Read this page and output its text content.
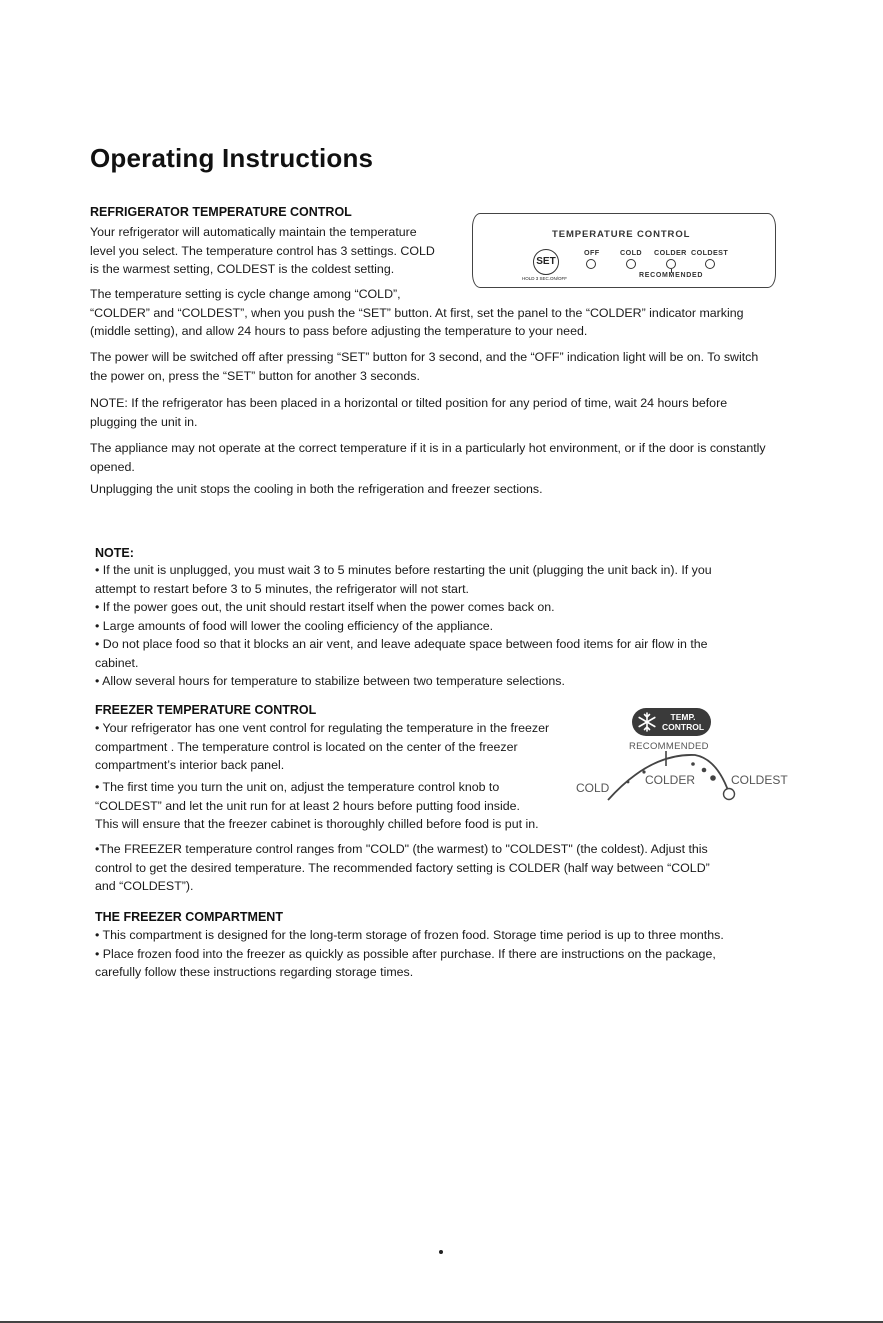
Operating Instructions
REFRIGERATOR TEMPERATURE CONTROL
Your refrigerator will automatically maintain the temperature
level you select. The temperature control has 3 settings. COLD
is the warmest setting, COLDEST is the coldest setting.
TEMPERATURE CONTROL
SET
HOLD 3 SEC.ON/OFF
OFF	COLD COLDER COLDEST
RECOMMENDED
The temperature setting is cycle change among “COLD”,
“COLDER” and “COLDEST”, when you push the “SET” button. At first, set the panel to the “COLDER” indicator marking
(middle setting), and allow 24 hours to pass before adjusting the temperature to your need.
The power will be switched off after pressing “SET” button for 3 second, and the “OFF” indication light will be on. To switch
the power on, press the “SET” button for another 3 seconds.
NOTE: If the refrigerator has been placed in a horizontal or tilted position for any period of time, wait 24 hours before
plugging the unit in.
The appliance may not operate at the correct temperature if it is in a particularly hot environment, or if the door is constantly
opened.
Unplugging the unit stops the cooling in both the refrigeration and freezer sections.
NOTE:
• If the unit is unplugged, you must wait 3 to 5 minutes before restarting the unit (plugging the unit back in). If you
attempt to restart before 3 to 5 minutes, the refrigerator will not start.
• If the power goes out, the unit should restart itself when the power comes back on.
• Large amounts of food will lower the cooling efficiency of the appliance.
• Do not place food so that it blocks an air vent, and leave adequate space between food items for air flow in the
cabinet.
• Allow several hours for temperature to stabilize between two temperature selections.
FREEZER TEMPERATURE CONTROL
• Your refrigerator has one vent control for regulating the temperature in the freezer
compartment . The temperature control is located on the center of the freezer
compartment’s interior back panel.
• The first time you turn the unit on, adjust the temperature control knob to
“COLDEST” and let the unit run for at least 2 hours before putting food inside.
This will ensure that the freezer cabinet is thoroughly chilled before food is put in.
TEMP.
CONTROL
RECOMMENDED
COLD
COLDER	COLDEST
•The FREEZER temperature control ranges from "COLD" (the warmest) to "COLDEST" (the coldest). Adjust this
control to get the desired temperature. The recommended factory setting is COLDER (half way between “COLD”
and “COLDEST”).
THE FREEZER COMPARTMENT
• This compartment is designed for the long-term storage of frozen food. Storage time period is up to three months.
• Place frozen food into the freezer as quickly as possible after purchase. If there are instructions on the package,
carefully follow these instructions regarding storage times.
